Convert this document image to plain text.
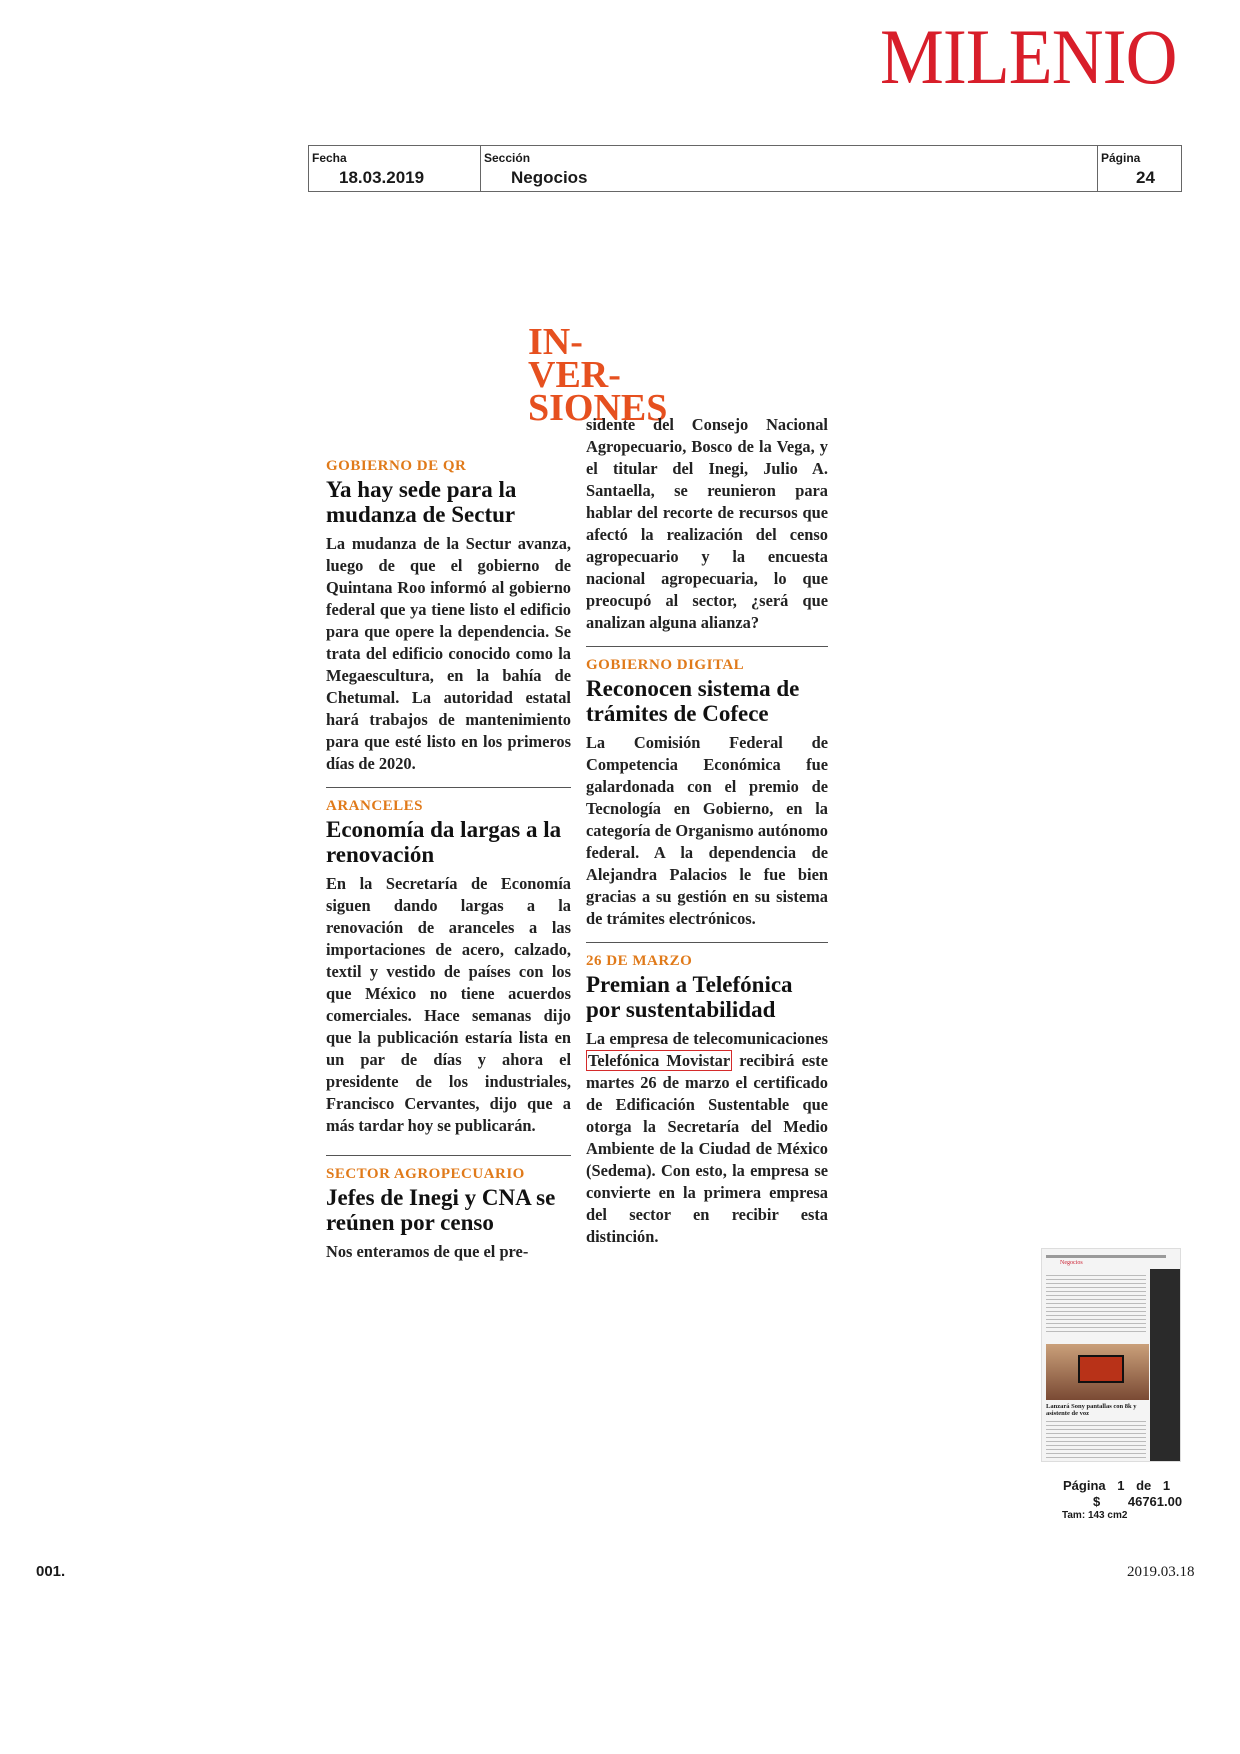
MILENIO
Fecha
18.03.2019
Sección
Negocios
Página
24
IN-
VER-
SIONES
GOBIERNO DE QR
Ya hay sede para la mudanza de Sectur

La mudanza de la Sectur avanza, luego de que el gobierno de Quintana Roo informó al gobierno federal que ya tiene listo el edificio para que opere la dependencia. Se trata del edificio conocido como la Megaescultura, en la bahía de Chetumal. La autoridad estatal hará trabajos de mantenimiento para que esté listo en los primeros días de 2020.

ARANCELES
Economía da largas a la renovación

En la Secretaría de Economía siguen dando largas a la renovación de aranceles a las importaciones de acero, calzado, textil y vestido de países con los que México no tiene acuerdos comerciales. Hace semanas dijo que la publicación estaría lista en un par de días y ahora el presidente de los industriales, Francisco Cervantes, dijo que a más tardar hoy se publicarán.

SECTOR AGROPECUARIO
Jefes de Inegi y CNA se reúnen por censo

Nos enteramos de que el pre-

sidente del Consejo Nacional Agropecuario, Bosco de la Vega, y el titular del Inegi, Julio A. Santaella, se reunieron para hablar del recorte de recursos que afectó la realización del censo agropecuario y la encuesta nacional agropecuaria, lo que preocupó al sector, ¿será que analizan alguna alianza?

GOBIERNO DIGITAL
Reconocen sistema de trámites de Cofece

La Comisión Federal de Competencia Económica fue galardonada con el premio de Tecnología en Gobierno, en la categoría de Organismo autónomo federal. A la dependencia de Alejandra Palacios le fue bien gracias a su gestión en su sistema de trámites electrónicos.

26 DE MARZO
Premian a Telefónica por sustentabilidad

La empresa de telecomunicaciones Telefónica Movistar recibirá este martes 26 de marzo el certificado de Edificación Sustentable que otorga la Secretaría del Medio Ambiente de la Ciudad de México (Sedema). Con esto, la empresa se convierte en la primera empresa del sector en recibir esta distinción.

Negocios
Lanzará Sony pantallas con 8k y asistente de voz
Página 1 de 1
$ 46761.00
Tam: 143 cm2
001.	2019.03.18
